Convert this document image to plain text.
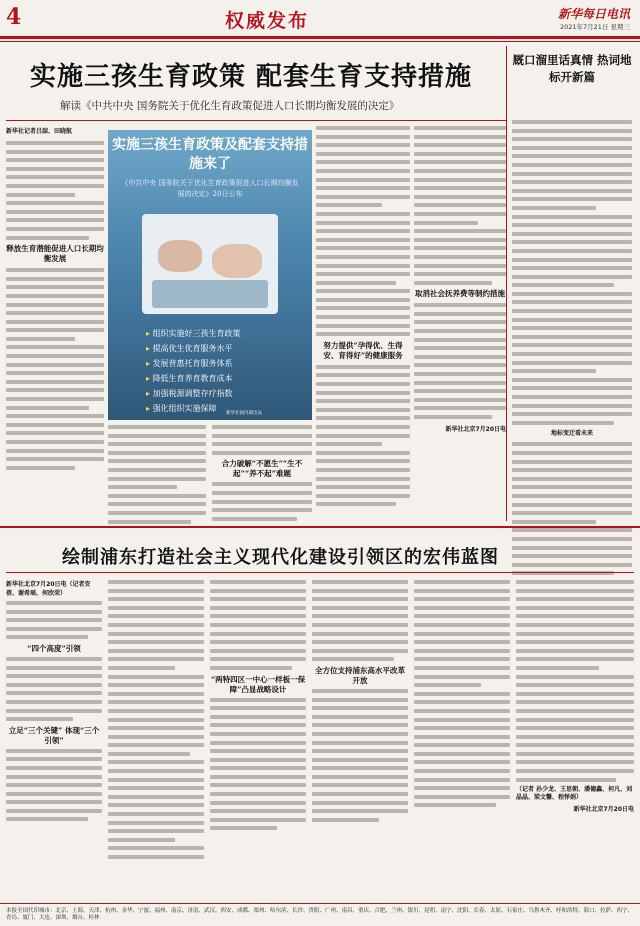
4	权威发布	新华每日电讯
2021年7月21日 星期三
实施三孩生育政策 配套生育支持措施
解读《中共中央 国务院关于优化生育政策促进人口长期均衡发展的决定》
新华社记者吕諒、田晓航
释放生育潜能促进人口长期均衡发展
实施三孩生育政策及配套支持措施来了
《中共中央 国务院关于优化生育政策促进人口长期均衡发展的决定》20日公布
▸ 组织实施好三孩生育政策
▸ 提高优生优育服务水平
▸ 发展普惠托育服务体系
▸ 降低生育养育教育成本
▸ 加强税源调整存疗指数
▸ 强化组织实施保障
新华社国内部出品
合力破解“不愿生”“生不起”“养不起”难题
努力提供“孕得优、生得安、育得好”的健康服务
取消社会抚养费等制约措施
新华社北京7月20日电
厩口溜里话真情 热词地标开新篇
地标变迁看未来
绘制浦东打造社会主义现代化建设引领区的宏伟蓝图
新华社北京7月20日电（记者安蓓、谢希瑶、何欣荣）
“四个高度”引领
立足“三个关键” 体现“三个引领”
“两特四区一中心一样板一保障”凸显战略设计
全方位支持浦东高水平改革开放
（记者 孙少龙、王思朝、潘德鑫、何凡、刘晶晶、梁文馨、程怿娟）
新华社北京7月20日电
本报全国代印城市：北京、上海、天津、杭州、金华、宁波、福州、南京、济南、武汉、西安、成都、郑州、哈尔滨、长沙、贵阳、广州、南昌、重庆、合肥、兰州、银川、昆明、南宁、沈阳、长春、太原、石家庄、乌鲁木齐、呼和浩特、海口、拉萨、西宁、青岛、厦门、大连、深圳、烟台、桂林
